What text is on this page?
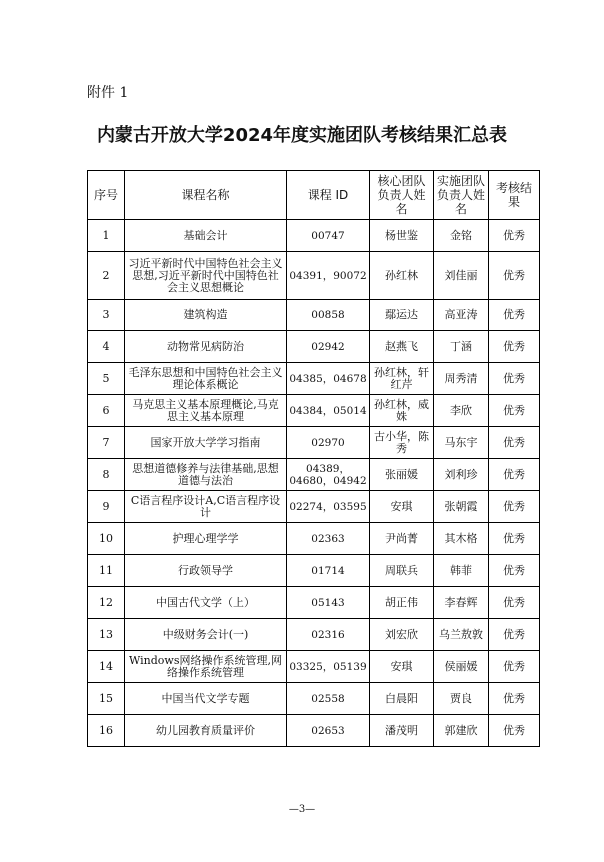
附件 1
内蒙古开放大学2024年度实施团队考核结果汇总表
序号	课程名称	课程 ID	核心团队负责人姓名	实施团队负责人姓名	考核结果
1	基础会计	00747	杨世鉴	金铭	优秀
2	习近平新时代中国特色社会主义思想,习近平新时代中国特色社会主义思想概论	04391，90072	孙红林	刘佳丽	优秀
3	建筑构造	00858	鄢运达	高亚涛	优秀
4	动物常见病防治	02942	赵燕飞	丁涵	优秀
5	毛泽东思想和中国特色社会主义理论体系概论	04385，04678	孙红林，轩红芹	周秀清	优秀
6	马克思主义基本原理概论,马克思主义基本原理	04384，05014	孙红林，威姝	李欣	优秀
7	国家开放大学学习指南	02970	古小华，陈秀	马东宇	优秀
8	思想道德修养与法律基础,思想道德与法治	04389，04680，04942	张丽媛	刘利珍	优秀
9	C语言程序设计A,C语言程序设计	02274，03595	安琪	张朝霞	优秀
10	护理心理学学	02363	尹尚菁	其木格	优秀
11	行政领导学	01714	周联兵	韩菲	优秀
12	中国古代文学（上）	05143	胡正伟	李春辉	优秀
13	中级财务会计(一)	02316	刘宏欣	乌兰敖敦	优秀
14	Windows网络操作系统管理,网络操作系统管理	03325，05139	安琪	侯丽媛	优秀
15	中国当代文学专题	02558	白晨阳	贾良	优秀
16	幼儿园教育质量评价	02653	潘茂明	郭建欣	优秀
—3—
